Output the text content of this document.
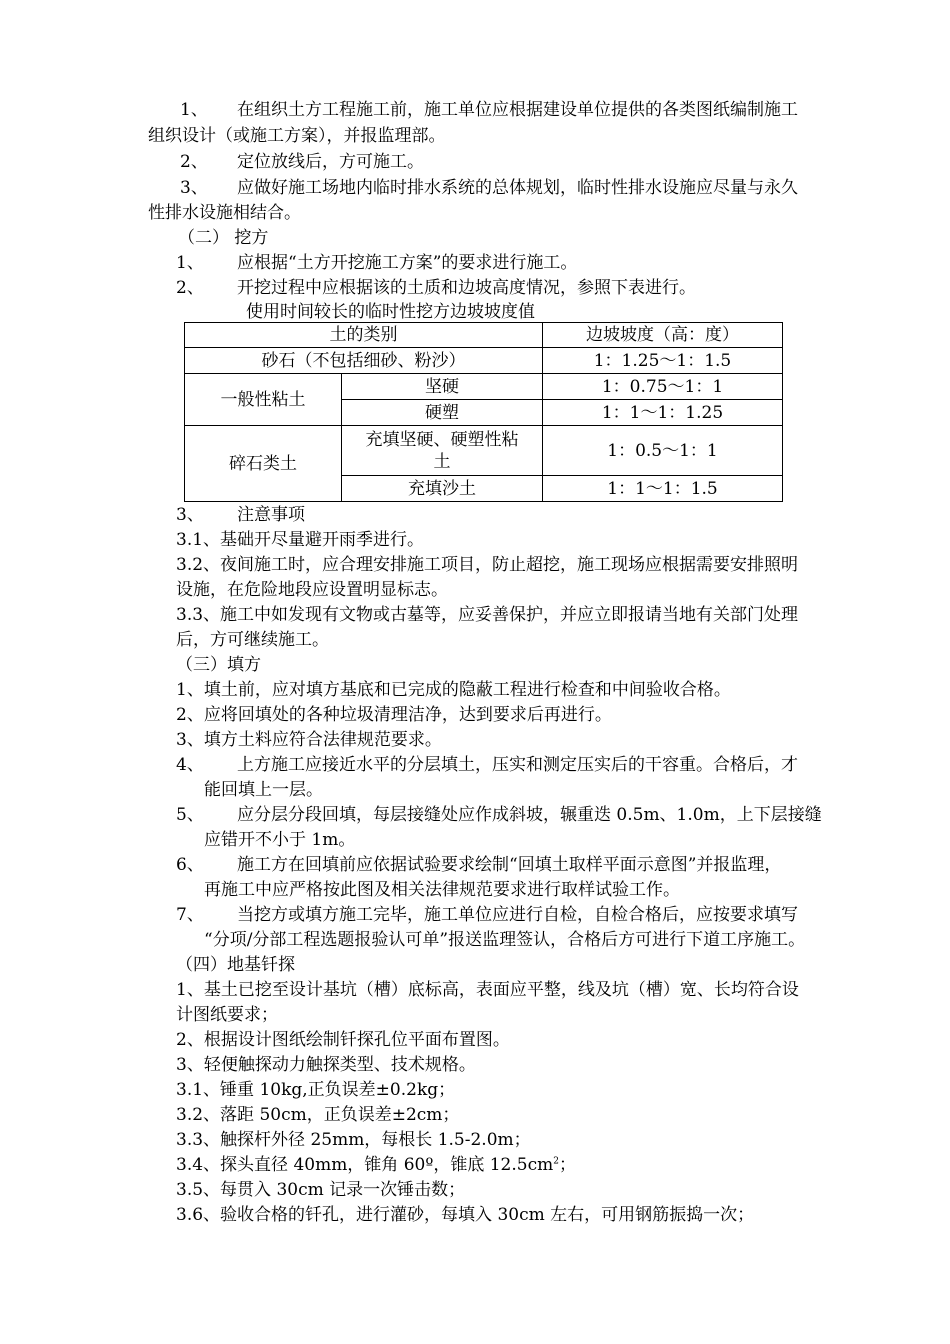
1、 在组织土方工程施工前，施工单位应根据建设单位提供的各类图纸编制施工
组织设计（或施工方案），并报监理部。
2、 定位放线后，方可施工。
3、 应做好施工场地内临时排水系统的总体规划，临时性排水设施应尽量与永久
性排水设施相结合。
（二） 挖方
1、 应根据“土方开挖施工方案”的要求进行施工。
2、 开挖过程中应根据该的土质和边坡高度情况，参照下表进行。
使用时间较长的临时性挖方边坡坡度值
土的类别		边坡坡度（高：度）
砂石（不包括细砂、粉沙）		1：1.25～1：1.5
一般性粘土	坚硬	1：0.75～1：1
	硬塑	1：1～1：1.25
碎石类土	充填坚硬、硬塑性粘
土	1：0.5～1：1
	充填沙土	1：1～1：1.5
3、 注意事项
3.1、基础开尽量避开雨季进行。
3.2、夜间施工时，应合理安排施工项目，防止超挖，施工现场应根据需要安排照明
设施，在危险地段应设置明显标志。
3.3、施工中如发现有文物或古墓等，应妥善保护，并应立即报请当地有关部门处理
后，方可继续施工。
（三）填方
1、填土前，应对填方基底和已完成的隐蔽工程进行检查和中间验收合格。
2、应将回填处的各种垃圾清理洁净，达到要求后再进行。
3、填方土料应符合法律规范要求。
4、 上方施工应接近水平的分层填土，压实和测定压实后的干容重。合格后，才
能回填上一层。
5、 应分层分段回填，每层接缝处应作成斜坡，辗重迭 0.5m、1.0m，上下层接缝
应错开不小于 1m。
6、 施工方在回填前应依据试验要求绘制“回填土取样平面示意图”并报监理，
再施工中应严格按此图及相关法律规范要求进行取样试验工作。
7、 当挖方或填方施工完毕，施工单位应进行自检，自检合格后，应按要求填写
“分项/分部工程选题报验认可单”报送监理签认，合格后方可进行下道工序施工。
（四）地基钎探
1、基土已挖至设计基坑（槽）底标高，表面应平整，线及坑（槽）宽、长均符合设
计图纸要求；
2、根据设计图纸绘制钎探孔位平面布置图。
3、轻便触探动力触探类型、技术规格。
3.1、锤重 10kg,正负误差±0.2kg；
3.2、落距 50cm，正负误差±2cm；
3.3、触探杆外径 25mm，每根长 1.5-2.0m；
3.4、探头直径 40mm，锥角 60º，锥底 $12.5cm^2$；
3.5、每贯入 30cm 记录一次锤击数；
3.6、验收合格的钎孔，进行灌砂，每填入 30cm 左右，可用钢筋振捣一次；
